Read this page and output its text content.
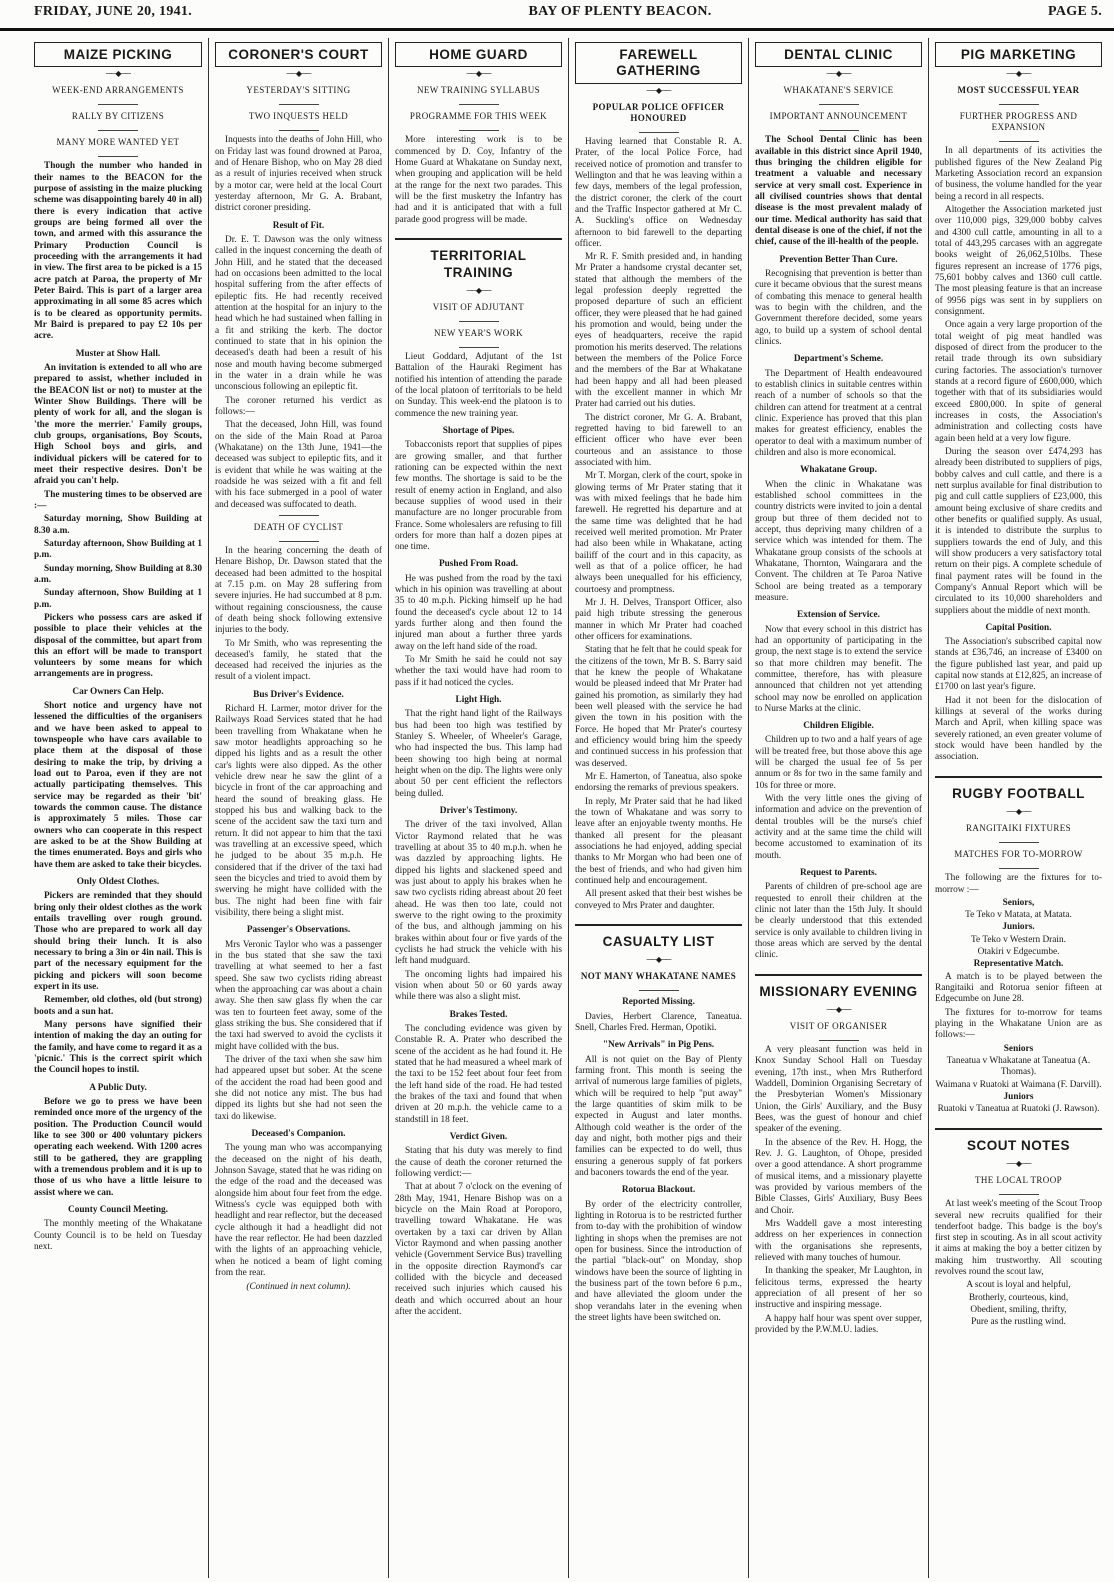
FRIDAY, JUNE 20, 1941.	BAY OF PLENTY BEACON.	PAGE 5.
MAIZE PICKING
──◆──
WEEK-END ARRANGEMENTS
RALLY BY CITIZENS
MANY MORE WANTED YET

Though the number who handed in their names to the BEACON for the purpose of assisting in the maize plucking scheme was disappointing barely 40 in all) there is every indication that active groups are being formed all over the town, and armed with this assurance the Primary Production Council is proceeding with the arrangements it had in view. The first area to be picked is a 15 acre patch at Paroa, the property of Mr Peter Baird. This is part of a larger area approximating in all some 85 acres which is to be cleared as opportunity permits. Mr Baird is prepared to pay £2 10s per acre.

Muster at Show Hall.

An invitation is extended to all who are prepared to assist, whether included in the BEACON list or not) to muster at the Winter Show Buildings. There will be plenty of work for all, and the slogan is 'the more the merrier.' Family groups, club groups, organisations, Boy Scouts, High School boys and girls, and individual pickers will be catered for to meet their respective desires. Don't be afraid you can't help.

The mustering times to be observed are :—

Saturday morning, Show Building at 8.30 a.m.

Saturday afternoon, Show Building at 1 p.m.

Sunday morning, Show Building at 8.30 a.m.

Sunday afternoon, Show Building at 1 p.m.

Pickers who possess cars are asked if possible to place their vehicles at the disposal of the committee, but apart from this an effort will be made to transport volunteers by some means for which arrangements are in progress.

Car Owners Can Help.

Short notice and urgency have not lessened the difficulties of the organisers and we have been asked to appeal to townspeople who have cars available to place them at the disposal of those desiring to make the trip, by driving a load out to Paroa, even if they are not actually participating themselves. This service may be regarded as their 'bit' towards the common cause. The distance is approximately 5 miles. Those car owners who can cooperate in this respect are asked to be at the Show Building at the times enumerated. Boys and girls who have them are asked to take their bicycles.

Only Oldest Clothes.

Pickers are reminded that they should bring only their oldest clothes as the work entails travelling over rough ground. Those who are prepared to work all day should bring their lunch. It is also necessary to bring a 3in or 4in nail. This is part of the necessary equipment for the picking and pickers will soon become expert in its use.

Remember, old clothes, old (but strong) boots and a sun hat.

Many persons have signified their intention of making the day an outing for the family, and have come to regard it as a 'picnic.' This is the correct spirit which the Council hopes to instil.

A Public Duty.

Before we go to press we have been reminded once more of the urgency of the position. The Production Council would like to see 300 or 400 voluntary pickers operating each weekend. With 1200 acres still to be gathered, they are grappling with a tremendous problem and it is up to those of us who have a little leisure to assist where we can.

County Council Meeting.

The monthly meeting of the Whakatane County Council is to be held on Tuesday next.

CORONER'S COURT
──◆──
YESTERDAY'S SITTING
TWO INQUESTS HELD

Inquests into the deaths of John Hill, who on Friday last was found drowned at Paroa, and of Henare Bishop, who on May 28 died as a result of injuries received when struck by a motor car, were held at the local Court yesterday afternoon, Mr G. A. Brabant, district coroner presiding.

Result of Fit.

Dr. E. T. Dawson was the only witness called in the inquest concerning the death of John Hill, and he stated that the deceased had on occasions been admitted to the local hospital suffering from the after effects of epileptic fits. He had recently received attention at the hospital for an injury to the head which he had sustained when falling in a fit and striking the kerb. The doctor continued to state that in his opinion the deceased's death had been a result of his nose and mouth having become submerged in the water in a drain while he was unconscious following an epileptic fit.

The coroner returned his verdict as follows:—

That the deceased, John Hill, was found on the side of the Main Road at Paroa (Whakatane) on the 13th June, 1941—the deceased was subject to epileptic fits, and it is evident that while he was waiting at the roadside he was seized with a fit and fell with his face submerged in a pool of water and deceased was suffocated to death.

DEATH OF CYCLIST

In the hearing concerning the death of Henare Bishop, Dr. Dawson stated that the deceased had been admitted to the hospital at 7.15 p.m. on May 28 suffering from severe injuries. He had succumbed at 8 p.m. without regaining consciousness, the cause of death being shock following extensive injuries to the body.

To Mr Smith, who was representing the deceased's family, he stated that the deceased had received the injuries as the result of a violent impact.

Bus Driver's Evidence.

Richard H. Larmer, motor driver for the Railways Road Services stated that he had been travelling from Whakatane when he saw motor headlights approaching so he dipped his lights and as a result the other car's lights were also dipped. As the other vehicle drew near he saw the glint of a bicycle in front of the car approaching and heard the sound of breaking glass. He stopped his bus and walking back to the scene of the accident saw the taxi turn and return. It did not appear to him that the taxi was travelling at an excessive speed, which he judged to be about 35 m.p.h. He considered that if the driver of the taxi had seen the bicycles and tried to avoid them by swerving he might have collided with the bus. The night had been fine with fair visibility, there being a slight mist.

Passenger's Observations.

Mrs Veronic Taylor who was a passenger in the bus stated that she saw the taxi travelling at what seemed to her a fast speed. She saw two cyclists riding abreast when the approaching car was about a chain away. She then saw glass fly when the car was ten to fourteen feet away, some of the glass striking the bus. She considered that if the taxi had swerved to avoid the cyclists it might have collided with the bus.

The driver of the taxi when she saw him had appeared upset but sober. At the scene of the accident the road had been good and she did not notice any mist. The bus had dipped its lights but she had not seen the taxi do likewise.

Deceased's Companion.

The young man who was accompanying the deceased on the night of his death, Johnson Savage, stated that he was riding on the edge of the road and the deceased was alongside him about four feet from the edge. Witness's cycle was equipped both with headlight and rear reflector, but the deceased cycle although it had a headlight did not have the rear reflector. He had been dazzled with the lights of an approaching vehicle, when he noticed a beam of light coming from the rear.

(Continued in next column).
HOME GUARD
──◆──
NEW TRAINING SYLLABUS
PROGRAMME FOR THIS WEEK

More interesting work is to be commenced by D. Coy, Infantry of the Home Guard at Whakatane on Sunday next, when grouping and application will be held at the range for the next two parades. This will be the first musketry the Infantry has had and it is anticipated that with a full parade good progress will be made.

TERRITORIAL TRAINING
──◆──
VISIT OF ADJUTANT
NEW YEAR'S WORK

Lieut Goddard, Adjutant of the 1st Battalion of the Hauraki Regiment has notified his intention of attending the parade of the local platoon of territorials to be held on Sunday. This week-end the platoon is to commence the new training year.

Shortage of Pipes.

Tobacconists report that supplies of pipes are growing smaller, and that further rationing can be expected within the next few months. The shortage is said to be the result of enemy action in England, and also because supplies of wood used in their manufacture are no longer procurable from France. Some wholesalers are refusing to fill orders for more than half a dozen pipes at one time.

Pushed From Road.

He was pushed from the road by the taxi which in his opinion was travelling at about 35 to 40 m.p.h. Picking himself up he had found the deceased's cycle about 12 to 14 yards further along and then found the injured man about a further three yards away on the left hand side of the road.

To Mr Smith he said he could not say whether the taxi would have had room to pass if it had noticed the cycles.

Light High.

That the right hand light of the Railways bus had been too high was testified by Stanley S. Wheeler, of Wheeler's Garage, who had inspected the bus. This lamp had been showing too high being at normal height when on the dip. The lights were only about 50 per cent efficient the reflectors being dulled.

Driver's Testimony.

The driver of the taxi involved, Allan Victor Raymond related that he was travelling at about 35 to 40 m.p.h. when he was dazzled by approaching lights. He dipped his lights and slackened speed and was just about to apply his brakes when he saw two cyclists riding abreast about 20 feet ahead. He was then too late, could not swerve to the right owing to the proximity of the bus, and although jamming on his brakes within about four or five yards of the cyclists he had struck the vehicle with his left hand mudguard.

The oncoming lights had impaired his vision when about 50 or 60 yards away while there was also a slight mist.

Brakes Tested.

The concluding evidence was given by Constable R. A. Prater who described the scene of the accident as he had found it. He stated that he had measured a wheel mark of the taxi to be 152 feet about four feet from the left hand side of the road. He had tested the brakes of the taxi and found that when driven at 20 m.p.h. the vehicle came to a standstill in 18 feet.

Verdict Given.

Stating that his duty was merely to find the cause of death the coroner returned the following verdict:—

That at about 7 o'clock on the evening of 28th May, 1941, Henare Bishop was on a bicycle on the Main Road at Poroporo, travelling toward Whakatane. He was overtaken by a taxi car driven by Allan Victor Raymond and when passing another vehicle (Government Service Bus) travelling in the opposite direction Raymond's car collided with the bicycle and deceased received such injuries which caused his death and which occurred about an hour after the accident.

FAREWELL GATHERING
──◆──
POPULAR POLICE OFFICER HONOURED

Having learned that Constable R. A. Prater, of the local Police Force, had received notice of promotion and transfer to Wellington and that he was leaving within a few days, members of the legal profession, the district coroner, the clerk of the court and the Traffic Inspector gathered at Mr C. A. Suckling's office on Wednesday afternoon to bid farewell to the departing officer.

Mr R. F. Smith presided and, in handing Mr Prater a handsome crystal decanter set, stated that although the members of the legal profession deeply regretted the proposed departure of such an efficient officer, they were pleased that he had gained his promotion and would, being under the eyes of headquarters, receive the rapid promotion his merits deserved. The relations between the members of the Police Force and the members of the Bar at Whakatane had been happy and all had been pleased with the excellent manner in which Mr Prater had carried out his duties.

The district coroner, Mr G. A. Brabant, regretted having to bid farewell to an efficient officer who have ever been courteous and an assistance to those associated with him.

Mr T. Morgan, clerk of the court, spoke in glowing terms of Mr Prater stating that it was with mixed feelings that he bade him farewell. He regretted his departure and at the same time was delighted that he had received well merited promotion. Mr Prater had also been while in Whakatane, acting bailiff of the court and in this capacity, as well as that of a police officer, he had always been unequalled for his efficiency, courtoesy and promptness.

Mr J. H. Delves, Transport Officer, also paid high tribute stressing the generous manner in which Mr Prater had coached other officers for examinations.

Stating that he felt that he could speak for the citizens of the town, Mr B. S. Barry said that he knew the people of Whakatane would be pleased indeed that Mr Prater had gained his promotion, as similarly they had been well pleased with the service he had given the town in his position with the Force. He hoped that Mr Prater's courtesy and efficiency would bring him the speedy and continued success in his profession that was deserved.

Mr E. Hamerton, of Taneatua, also spoke endorsing the remarks of previous speakers.

In reply, Mr Prater said that he had liked the town of Whakatane and was sorry to leave after an enjoyable twenty months. He thanked all present for the pleasant associations he had enjoyed, adding special thanks to Mr Morgan who had been one of the best of friends, and who had given him continued help and encouragement.

All present asked that their best wishes be conveyed to Mrs Prater and daughter.

CASUALTY LIST
──◆──
NOT MANY WHAKATANE NAMES
Reported Missing.

Davies, Herbert Clarence, Taneatua. Snell, Charles Fred. Herman, Opotiki.

"New Arrivals" in Pig Pens.

All is not quiet on the Bay of Plenty farming front. This month is seeing the arrival of numerous large families of piglets, which will be required to help "put away" the large quantities of skim milk to be expected in August and later months. Although cold weather is the order of the day and night, both mother pigs and their families can be expected to do well, thus ensuring a generous supply of fat porkers and baconers towards the end of the year.

Rotorua Blackout.

By order of the electricity controller, lighting in Rotorua is to be restricted further from to-day with the prohibition of window lighting in shops when the premises are not open for business. Since the introduction of the partial "black-out" on Monday, shop windows have been the source of lighting in the business part of the town before 6 p.m., and have alleviated the gloom under the shop verandahs later in the evening when the street lights have been switched on.

DENTAL CLINIC
──◆──
WHAKATANE'S SERVICE
IMPORTANT ANNOUNCEMENT

The School Dental Clinic has been available in this district since April 1940, thus bringing the children eligible for treatment a valuable and necessary service at very small cost. Experience in all civilised countries shows that dental disease is the most prevalent malady of our time. Medical authority has said that dental disease is one of the chief, if not the chief, cause of the ill-health of the people.

Prevention Better Than Cure.

Recognising that prevention is better than cure it became obvious that the surest means of combating this menace to general health was to begin with the children, and the Government therefore decided, some years ago, to build up a system of school dental clinics.

Department's Scheme.

The Department of Health endeavoured to establish clinics in suitable centres within reach of a number of schools so that the children can attend for treatment at a central clinic. Experience has proved that this plan makes for greatest efficiency, enables the operator to deal with a maximum number of children and also is more economical.

Whakatane Group.

When the clinic in Whakatane was established school committees in the country districts were invited to join a dental group but three of them decided not to accept, thus depriving many children of a service which was intended for them. The Whakatane group consists of the schools at Whakatane, Thornton, Waingarara and the Convent. The children at Te Paroa Native School are being treated as a temporary measure.

Extension of Service.

Now that every school in this district has had an opportunity of participating in the group, the next stage is to extend the service so that more children may benefit. The committee, therefore, has with pleasure announced that children not yet attending school may now be enrolled on application to Nurse Marks at the clinic.

Children Eligible.

Children up to two and a half years of age will be treated free, but those above this age will be charged the usual fee of 5s per annum or 8s for two in the same family and 10s for three or more.

With the very little ones the giving of information and advice on the prevention of dental troubles will be the nurse's chief activity and at the same time the child will become accustomed to examination of its mouth.

Request to Parents.

Parents of children of pre-school age are requested to enroll their children at the clinic not later than the 15th July. It should be clearly understood that this extended service is only available to children living in those areas which are served by the dental clinic.

MISSIONARY EVENING
──◆──
VISIT OF ORGANISER

A very pleasant function was held in Knox Sunday School Hall on Tuesday evening, 17th inst., when Mrs Rutherford Waddell, Dominion Organising Secretary of the Presbyterian Women's Missionary Union, the Girls' Auxiliary, and the Busy Bees, was the guest of honour and chief speaker of the evening.

In the absence of the Rev. H. Hogg, the Rev. J. G. Laughton, of Ohope, presided over a good attendance. A short programme of musical items, and a missionary playette was provided by various members of the Bible Classes, Girls' Auxiliary, Busy Bees and Choir.

Mrs Waddell gave a most interesting address on her experiences in connection with the organisations she represents, relieved with many touches of humour.

In thanking the speaker, Mr Laughton, in felicitous terms, expressed the hearty appreciation of all present of her so instructive and inspiring message.

A happy half hour was spent over supper, provided by the P.W.M.U. ladies.

PIG MARKETING
──◆──
MOST SUCCESSFUL YEAR
FURTHER PROGRESS AND EXPANSION

In all departments of its activities the published figures of the New Zealand Pig Marketing Association record an expansion of business, the volume handled for the year being a record in all respects.

Altogether the Association marketed just over 110,000 pigs, 329,000 bobby calves and 4300 cull cattle, amounting in all to a total of 443,295 carcases with an aggregate books weight of 26,062,510lbs. These figures represent an increase of 1776 pigs, 75,601 bobby calves and 1360 cull cattle. The most pleasing feature is that an increase of 9956 pigs was sent in by suppliers on consignment.

Once again a very large proportion of the total weight of pig meat handled was disposed of direct from the producer to the retail trade through its own subsidiary curing factories. The association's turnover stands at a record figure of £600,000, which together with that of its subsidiaries would exceed £800,000. In spite of general increases in costs, the Association's administration and collecting costs have again been held at a very low figure.

During the season over £474,293 has already been distributed to suppliers of pigs, bobby calves and cull cattle, and there is a nett surplus available for final distribution to pig and cull cattle suppliers of £23,000, this amount being exclusive of share credits and other benefits or qualified supply. As usual, it is intended to distribute the surplus to suppliers towards the end of July, and this will show producers a very satisfactory total return on their pigs. A complete schedule of final payment rates will be found in the Company's Annual Report which will be circulated to its 10,000 shareholders and suppliers about the middle of next month.

Capital Position.

The Association's subscribed capital now stands at £36,746, an increase of £3400 on the figure published last year, and paid up capital now stands at £12,825, an increase of £1700 on last year's figure.

Had it not been for the dislocation of killings at several of the works during March and April, when killing space was severely rationed, an even greater volume of stock would have been handled by the association.

RUGBY FOOTBALL
──◆──
RANGITAIKI FIXTURES
MATCHES FOR TO-MORROW

The following are the fixtures for to-morrow :—

Seniors,
Te Teko v Matata, at Matata.
Juniors.
Te Teko v Western Drain.
Otakiri v Edgecumbe.
Representative Match.

A match is to be played between the Rangitaiki and Rotorua senior fifteen at Edgecumbe on June 28.

The fixtures for to-morrow for teams playing in the Whakatane Union are as follows:—

Seniors
Taneatua v Whakatane at Taneatua (A. Thomas).
Waimana v Ruatoki at Waimana (F. Darvill).
Juniors
Ruatoki v Taneatua at Ruatoki (J. Rawson).
SCOUT NOTES
──◆──
THE LOCAL TROOP

At last week's meeting of the Scout Troop several new recruits qualified for their tenderfoot badge. This badge is the boy's first step in scouting. As in all scout activity it aims at making the boy a better citizen by making him trustworthy. All scouting revolves round the scout law,

A scout is loyal and helpful,
Brotherly, courteous, kind,
Obedient, smiling, thrifty,
Pure as the rustling wind.
